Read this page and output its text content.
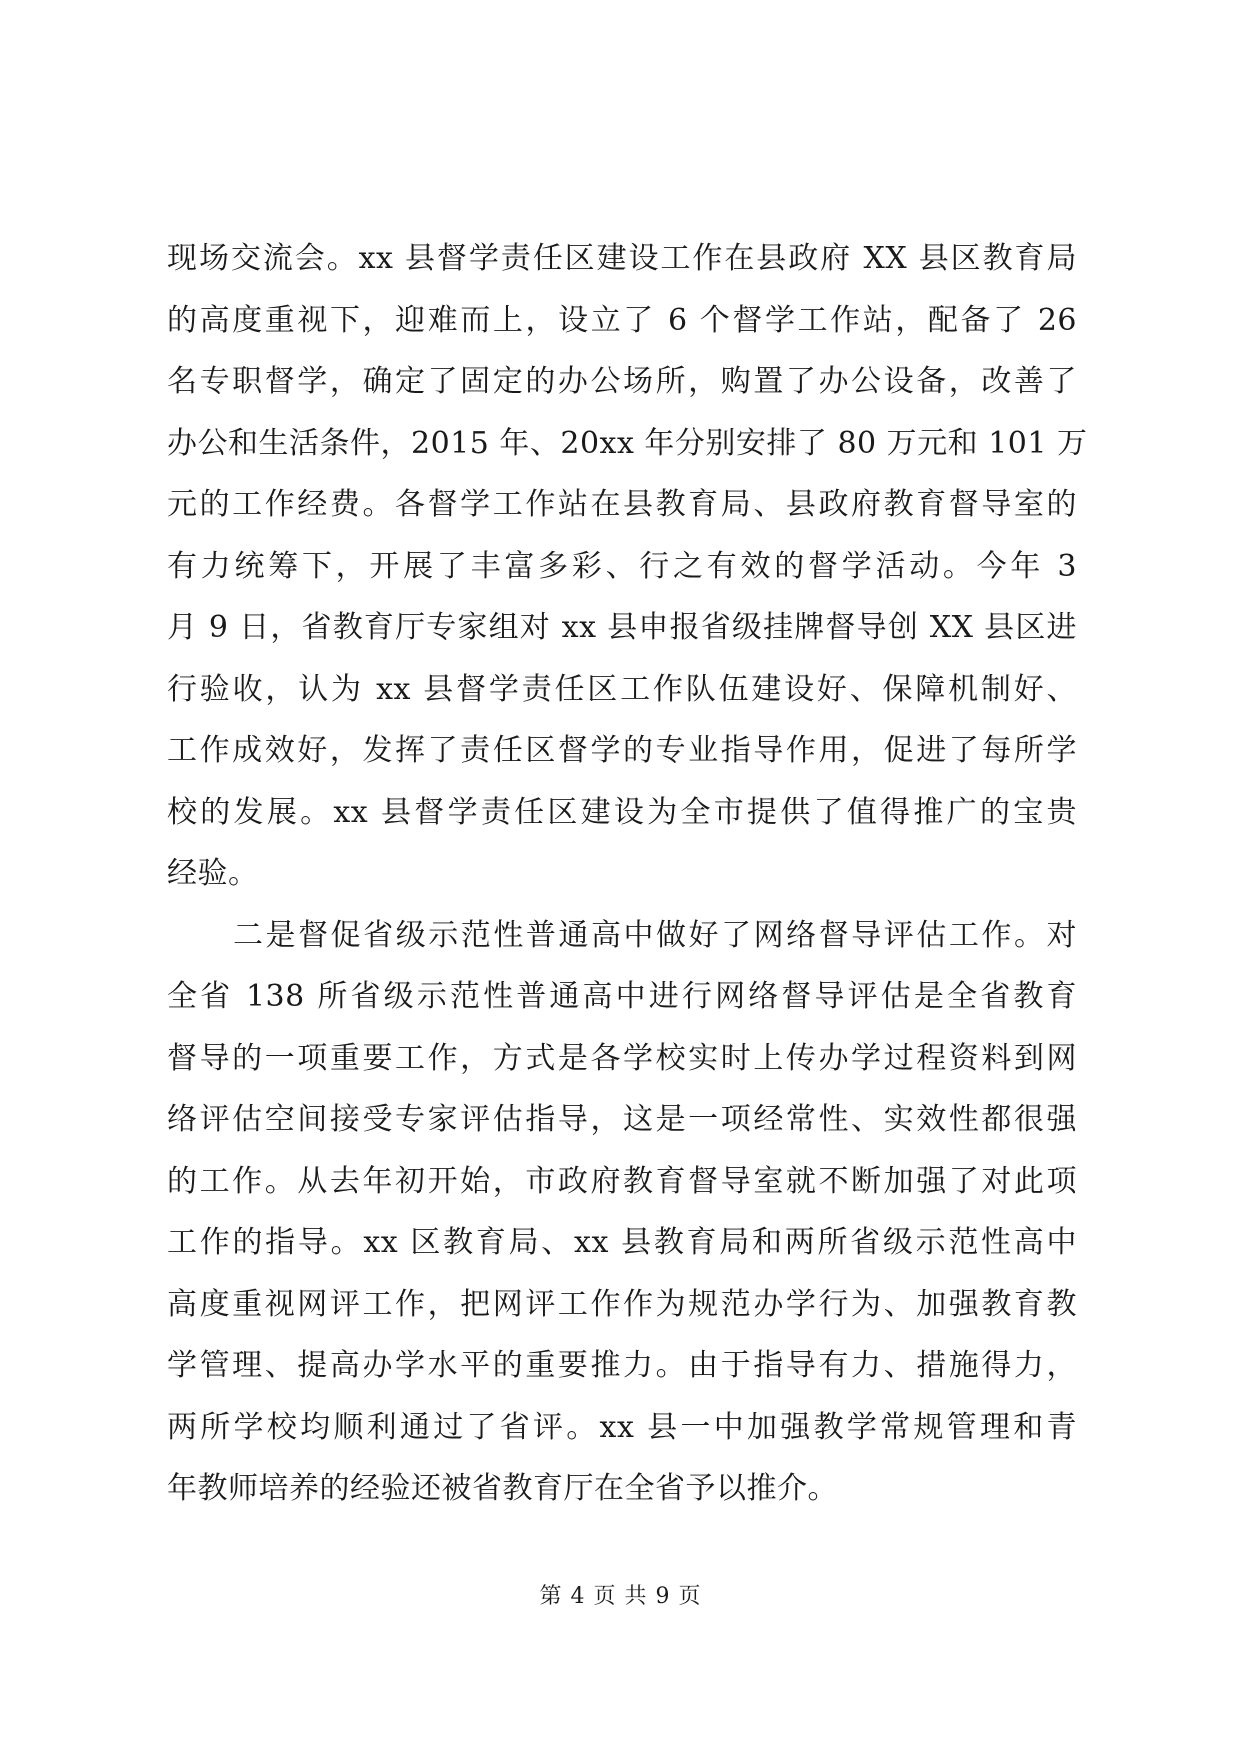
现场交流会。xx 县督学责任区建设工作在县政府 XX 县区教育局
的高度重视下，迎难而上，设立了 6 个督学工作站，配备了 26
名专职督学，确定了固定的办公场所，购置了办公设备，改善了
办公和生活条件，2015 年、20xx 年分别安排了 80 万元和 101 万
元的工作经费。各督学工作站在县教育局、县政府教育督导室的
有力统筹下，开展了丰富多彩、行之有效的督学活动。今年 3
月 9 日，省教育厅专家组对 xx 县申报省级挂牌督导创 XX 县区进
行验收，认为 xx 县督学责任区工作队伍建设好、保障机制好、
工作成效好，发挥了责任区督学的专业指导作用，促进了每所学
校的发展。xx 县督学责任区建设为全市提供了值得推广的宝贵
经验。
二是督促省级示范性普通高中做好了网络督导评估工作。对
全省 138 所省级示范性普通高中进行网络督导评估是全省教育
督导的一项重要工作，方式是各学校实时上传办学过程资料到网
络评估空间接受专家评估指导，这是一项经常性、实效性都很强
的工作。从去年初开始，市政府教育督导室就不断加强了对此项
工作的指导。xx 区教育局、xx 县教育局和两所省级示范性高中
高度重视网评工作，把网评工作作为规范办学行为、加强教育教
学管理、提高办学水平的重要推力。由于指导有力、措施得力，
两所学校均顺利通过了省评。xx 县一中加强教学常规管理和青
年教师培养的经验还被省教育厅在全省予以推介。
第 4 页 共 9 页
